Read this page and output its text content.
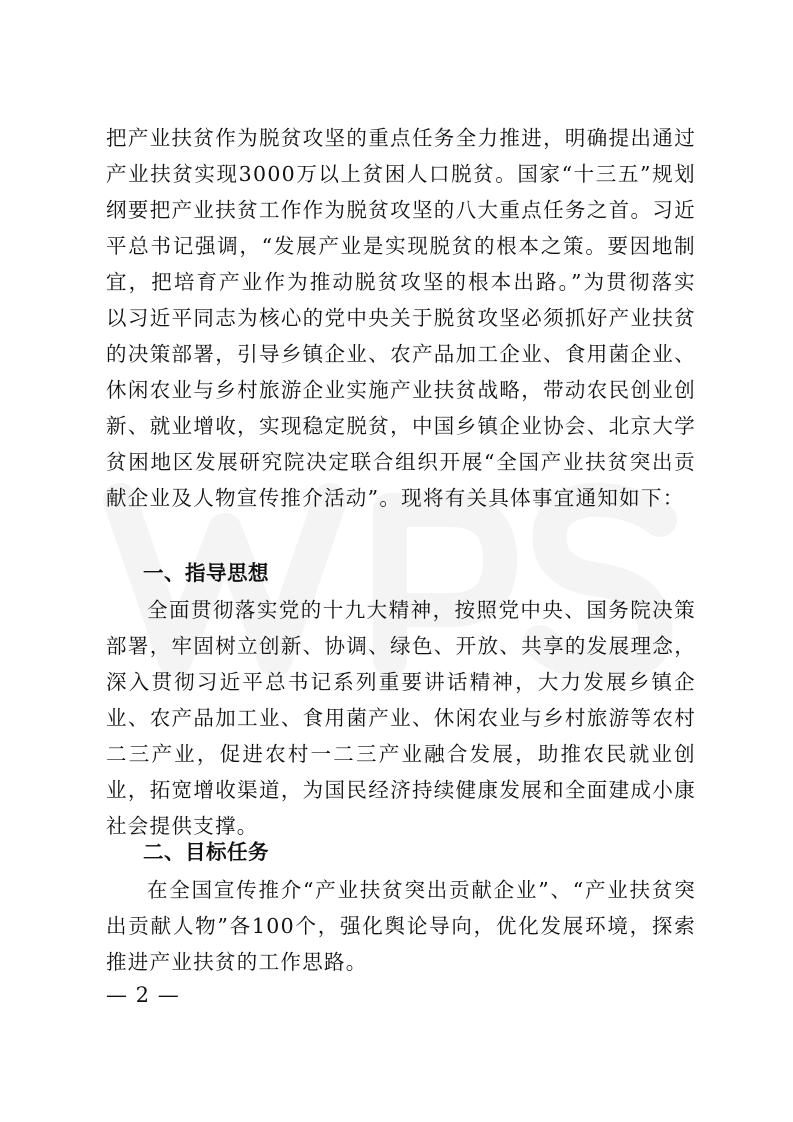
把产业扶贫作为脱贫攻坚的重点任务全力推进，明确提出通过产业扶贫实现3000万以上贫困人口脱贫。国家“十三五”规划纲要把产业扶贫工作作为脱贫攻坚的八大重点任务之首。习近平总书记强调，“发展产业是实现脱贫的根本之策。要因地制宜，把培育产业作为推动脱贫攻坚的根本出路。”为贯彻落实以习近平同志为核心的党中央关于脱贫攻坚必须抓好产业扶贫的决策部署，引导乡镇企业、农产品加工企业、食用菌企业、休闲农业与乡村旅游企业实施产业扶贫战略，带动农民创业创新、就业增收，实现稳定脱贫，中国乡镇企业协会、北京大学贫困地区发展研究院决定联合组织开展“全国产业扶贫突出贡献企业及人物宣传推介活动”。现将有关具体事宜通知如下：

一、指导思想

全面贯彻落实党的十九大精神，按照党中央、国务院决策部署，牢固树立创新、协调、绿色、开放、共享的发展理念，深入贯彻习近平总书记系列重要讲话精神，大力发展乡镇企业、农产品加工业、食用菌产业、休闲农业与乡村旅游等农村二三产业，促进农村一二三产业融合发展，助推农民就业创业，拓宽增收渠道，为国民经济持续健康发展和全面建成小康社会提供支撑。

二、目标任务

在全国宣传推介“产业扶贫突出贡献企业”、“产业扶贫突出贡献人物”各100个，强化舆论导向，优化发展环境，探索推进产业扶贫的工作思路。

— 2 —
